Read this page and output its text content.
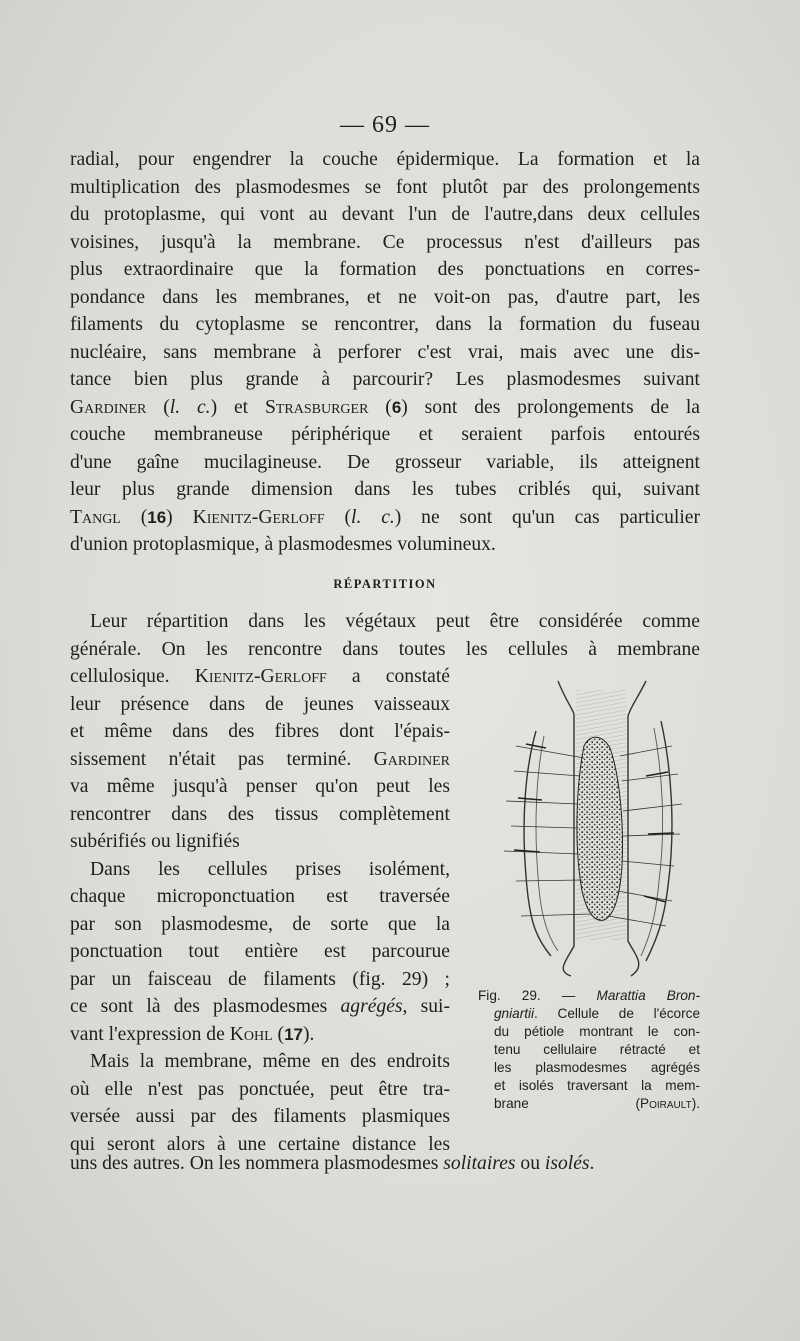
— 69 —
radial, pour engendrer la couche épidermique. La formation et la
multiplication des plasmodesmes se font plutôt par des prolongements
du protoplasme, qui vont au devant l'un de l'autre,dans deux cellules
voisines, jusqu'à la membrane. Ce processus n'est d'ailleurs pas
plus extraordinaire que la formation des ponctuations en corres-
pondance dans les membranes, et ne voit-on pas, d'autre part, les
filaments du cytoplasme se rencontrer, dans la formation du fuseau
nucléaire, sans membrane à perforer c'est vrai, mais avec une dis-
tance bien plus grande à parcourir? Les plasmodesmes suivant
Gardiner (l. c.) et Strasburger (6) sont des prolongements de la
couche membraneuse périphérique et seraient parfois entourés
d'une gaîne mucilagineuse. De grosseur variable, ils atteignent
leur plus grande dimension dans les tubes criblés qui, suivant
Tangl (16) Kienitz-Gerloff (l. c.) ne sont qu'un cas particulier
d'union protoplasmique, à plasmodesmes volumineux.
RÉPARTITION
Leur répartition dans les végétaux peut être considérée comme
générale. On les rencontre dans toutes les cellules à membrane
cellulosique. Kienitz-Gerloff a constaté
leur présence dans de jeunes vaisseaux
et même dans des fibres dont l'épais-
sissement n'était pas terminé. Gardiner
va même jusqu'à penser qu'on peut les
rencontrer dans des tissus complètement
subérifiés ou lignifiés
Dans les cellules prises isolément,
chaque microponctuation est traversée
par son plasmodesme, de sorte que la
ponctuation tout entière est parcourue
par un faisceau de filaments (fig. 29) ;
ce sont là des plasmodesmes agrégés, sui-
vant l'expression de Kohl (17).
Mais la membrane, même en des endroits
où elle n'est pas ponctuée, peut être tra-
versée aussi par des filaments plasmiques
qui seront alors à une certaine distance les
uns des autres. On les nommera plasmodesmes solitaires ou isolés.
Fig. 29. — Marattia Bron-
gniartii. Cellule de l'écorce
du pétiole montrant le con-
tenu cellulaire rétracté et
les plasmodesmes agrégés
et isolés traversant la mem-
brane (Poirault).
